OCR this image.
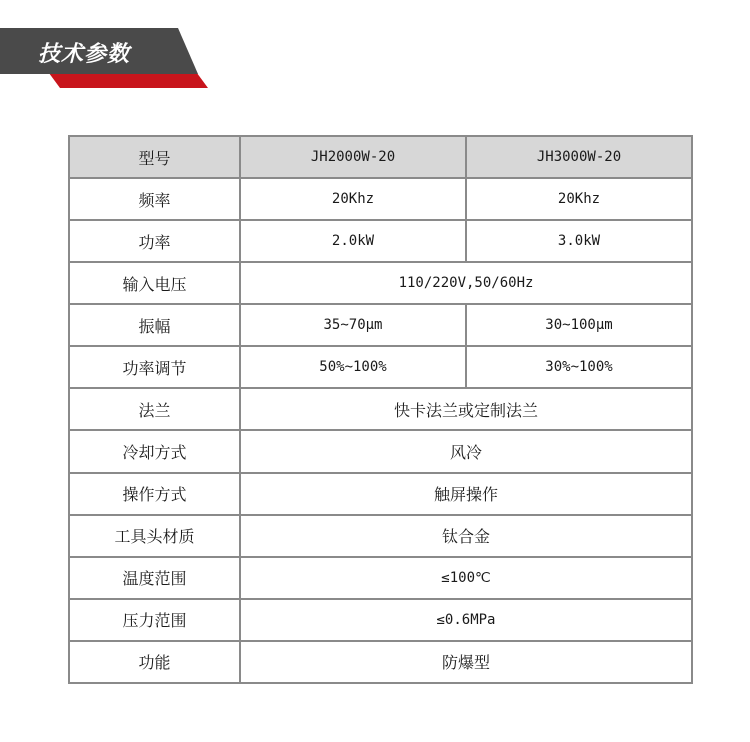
技术参数
型号	JH2000W-20	JH3000W-20
频率	20Khz	20Khz
功率	2.0kW	3.0kW
输入电压	110/220V,50/60Hz	
振幅	35~70μm	30~100μm
功率调节	50%~100%	30%~100%
法兰	快卡法兰或定制法兰	
冷却方式	风冷	
操作方式	触屏操作	
工具头材质	钛合金	
温度范围	≤100℃	
压力范围	≤0.6MPa	
功能	防爆型	
